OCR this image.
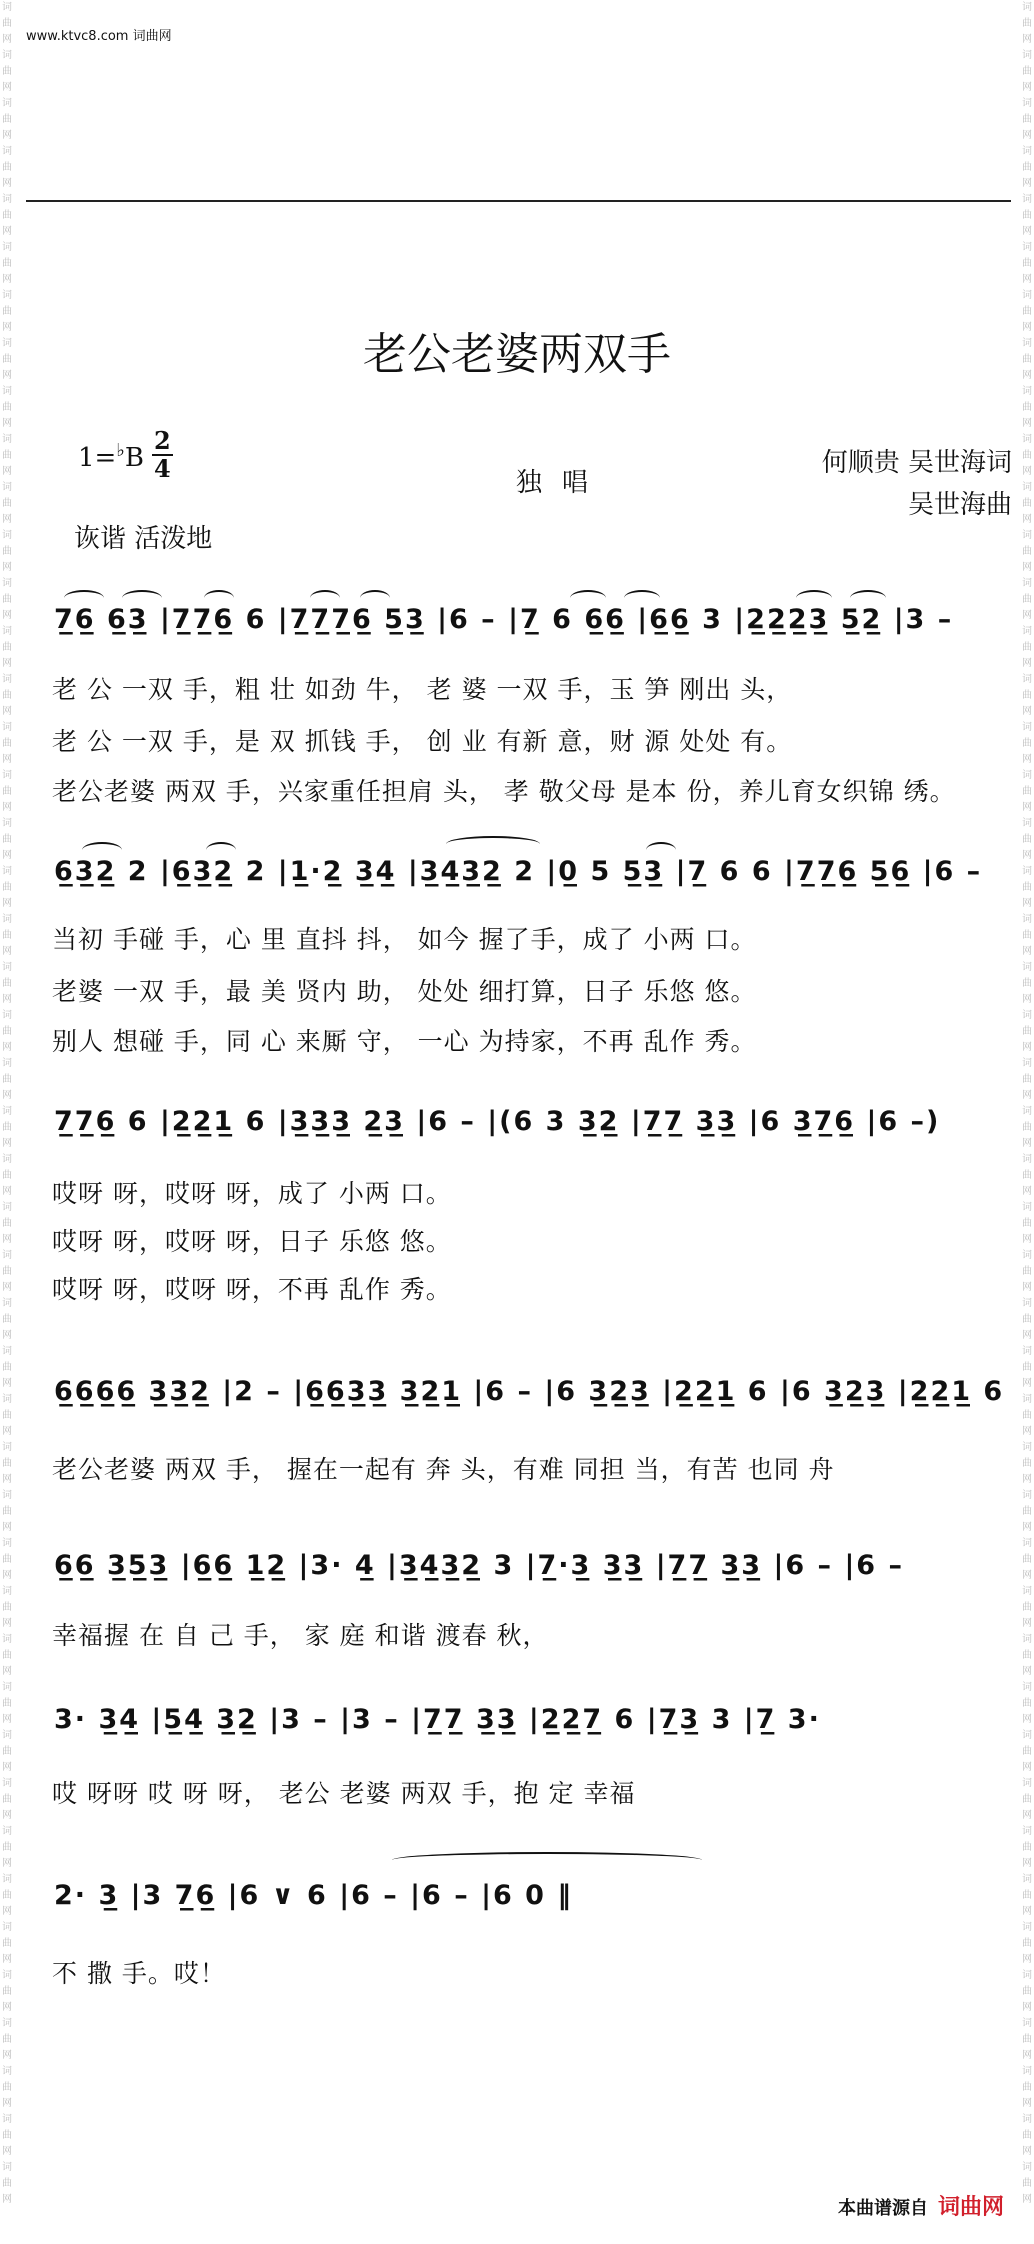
词
曲
网
词
曲
网
词
曲
网
词
曲
网
词
曲
网
词
曲
网
词
曲
网
词
曲
网
词
曲
网
词
曲
网
词
曲
网
词
曲
网
词
曲
网
词
曲
网
词
曲
网
词
曲
网
词
曲
网
词
曲
网
词
曲
网
词
曲
网
词
曲
网
词
曲
网
词
曲
网
词
曲
网
词
曲
网
词
曲
网
词
曲
网
词
曲
网
词
曲
网
词
曲
网
词
曲
网
词
曲
网
词
曲
网
词
曲
网
词
曲
网
词
曲
网
词
曲
网
词
曲
网
词
曲
网
词
曲
网
词
曲
网
词
曲
网
词
曲
网
词
曲
网
词
曲
网
词
曲
网
词
曲
网
词
曲
网
词
曲
网
词
曲
网
词
曲
网
词
曲
网
词
曲
网
词
曲
网
词
曲
网
词
曲
网
词
曲
网
词
曲
网
词
曲
网
词
曲
网
词
曲
网
词
曲
网
词
曲
网
词
曲
网
词
曲
网
词
曲
网
词
曲
网
词
曲
网
词
曲
网
词
曲
网
词
曲
网
词
曲
网
词
曲
网
词
曲
网
词
曲
网
词
曲
网
词
曲
网
词
曲
网
词
曲
网
词
曲
网
词
曲
网
词
曲
网
词
曲
网
词
曲
网
词
曲
网
词
曲
网
词
曲
网
词
曲
网
词
曲
网
词
曲
网
词
曲
网
词
曲
网
www.ktvc8.com 词曲网
老公老婆两双手
1=♭B
2
4	独唱
何顺贵 吴世海词
吴世海曲
诙谐 活泼地
7̲6̲ 6̲3̲ |7̲7̲6̲ 6 |7̲7̲7̲6̲ 5̲3̲ |6 – |7̲ 6 6̲6̲ |6̲6̲ 3 |2̲2̲2̲3̲ 5̲2̲ |3 –
老 公 一双 手，粗 壮 如劲 牛， 老 婆 一双 手，玉 笋 刚出 头，
老 公 一双 手，是 双 抓钱 手， 创 业 有新 意，财 源 处处 有。
老公老婆 两双 手，兴家重任担肩 头， 孝 敬父母 是本 份，养儿育女织锦 绣。
6̲3̲2̲ 2 |6̲3̲2̲ 2 |1̲·2̲ 3̲4̲ |3̲4̲3̲2̲ 2 |0̲ 5 5̲3̲ |7̲ 6 6 |7̲7̲6̲ 5̲6̲ |6 –
当初 手碰 手，心 里 直抖 抖， 如今 握了手，成了 小两 口。
老婆 一双 手，最 美 贤内 助， 处处 细打算，日子 乐悠 悠。
别人 想碰 手，同 心 来厮 守， 一心 为持家，不再 乱作 秀。
7̲7̲6̲ 6 |2̲2̲1̲ 6 |3̲3̲3̲ 2̲3̲ |6 – |(6 3 3̲2̲ |7̲7̲ 3̲3̲ |6 3̲7̲6̲ |6 –)
哎呀 呀，哎呀 呀，成了 小两 口。
哎呀 呀，哎呀 呀，日子 乐悠 悠。
哎呀 呀，哎呀 呀，不再 乱作 秀。
6̲6̲6̲6̲ 3̲3̲2̲ |2 – |6̲6̲3̲3̲ 3̲2̲1̲ |6 – |6 3̲2̲3̲ |2̲2̲1̲ 6 |6 3̲2̲3̲ |2̲2̲1̲ 6
老公老婆 两双 手， 握在一起有 奔 头，有难 同担 当，有苦 也同 舟
6̲6̲ 3̲5̲3̲ |6̲6̲ 1̲2̲ |3· 4̲ |3̲4̲3̲2̲ 3 |7̲·3̲ 3̲3̲ |7̲7̲ 3̲3̲ |6 – |6 –
幸福握 在 自 己 手， 家 庭 和谐 渡春 秋，
3· 3̲4̲ |5̲4̲ 3̲2̲ |3 – |3 – |7̲7̲ 3̲3̲ |2̲2̲7̲ 6 |7̲3̲ 3 |7̲ 3·
哎 呀呀 哎 呀 呀， 老公 老婆 两双 手，抱 定 幸福
2· 3̲ |3 7̲6̲ |6 ∨ 6 |6 – |6 – |6 0 ‖
不 撒 手。哎！
本曲谱源自 词曲网
